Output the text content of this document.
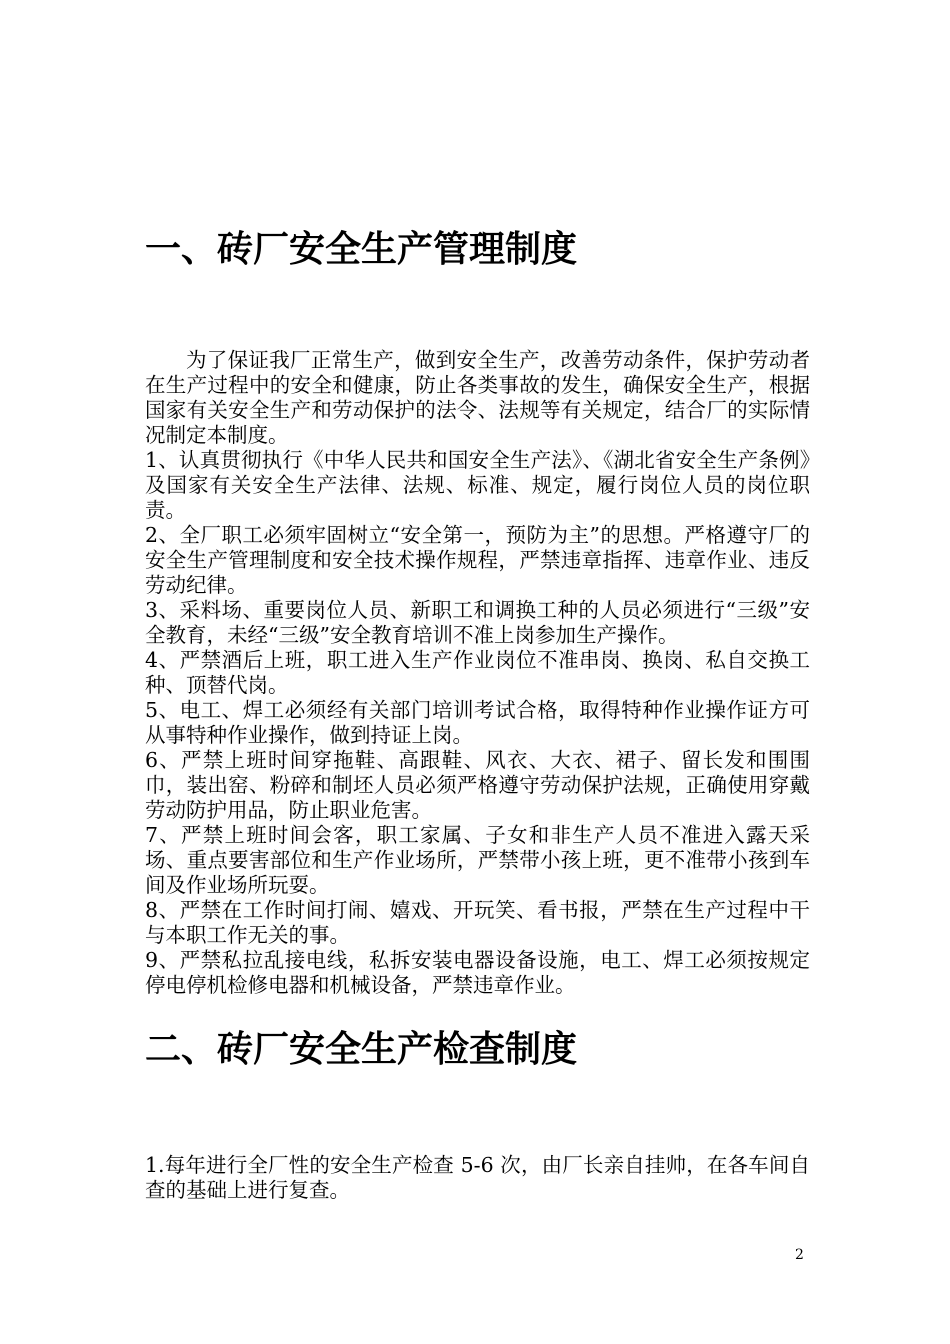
一、砖厂安全生产管理制度

为了保证我厂正常生产，做到安全生产，改善劳动条件，保护劳动者在生产过程中的安全和健康，防止各类事故的发生，确保安全生产，根据国家有关安全生产和劳动保护的法令、法规等有关规定，结合厂的实际情况制定本制度。

1、认真贯彻执行《中华人民共和国安全生产法》、《湖北省安全生产条例》及国家有关安全生产法律、法规、标准、规定，履行岗位人员的岗位职责。

2、全厂职工必须牢固树立“安全第一，预防为主”的思想。严格遵守厂的安全生产管理制度和安全技术操作规程，严禁违章指挥、违章作业、违反劳动纪律。

3、采料场、重要岗位人员、新职工和调换工种的人员必须进行“三级”安全教育，未经“三级”安全教育培训不准上岗参加生产操作。

4、严禁酒后上班，职工进入生产作业岗位不准串岗、换岗、私自交换工种、顶替代岗。

5、电工、焊工必须经有关部门培训考试合格，取得特种作业操作证方可从事特种作业操作，做到持证上岗。

6、严禁上班时间穿拖鞋、高跟鞋、风衣、大衣、裙子、留长发和围围巾，装出窑、粉碎和制坯人员必须严格遵守劳动保护法规，正确使用穿戴劳动防护用品，防止职业危害。

7、严禁上班时间会客，职工家属、子女和非生产人员不准进入露天采场、重点要害部位和生产作业场所，严禁带小孩上班，更不准带小孩到车间及作业场所玩耍。

8、严禁在工作时间打闹、嬉戏、开玩笑、看书报，严禁在生产过程中干与本职工作无关的事。

9、严禁私拉乱接电线，私拆安装电器设备设施，电工、焊工必须按规定停电停机检修电器和机械设备，严禁违章作业。

二、砖厂安全生产检查制度

1.每年进行全厂性的安全生产检查 5-6 次，由厂长亲自挂帅，在各车间自查的基础上进行复查。

2
